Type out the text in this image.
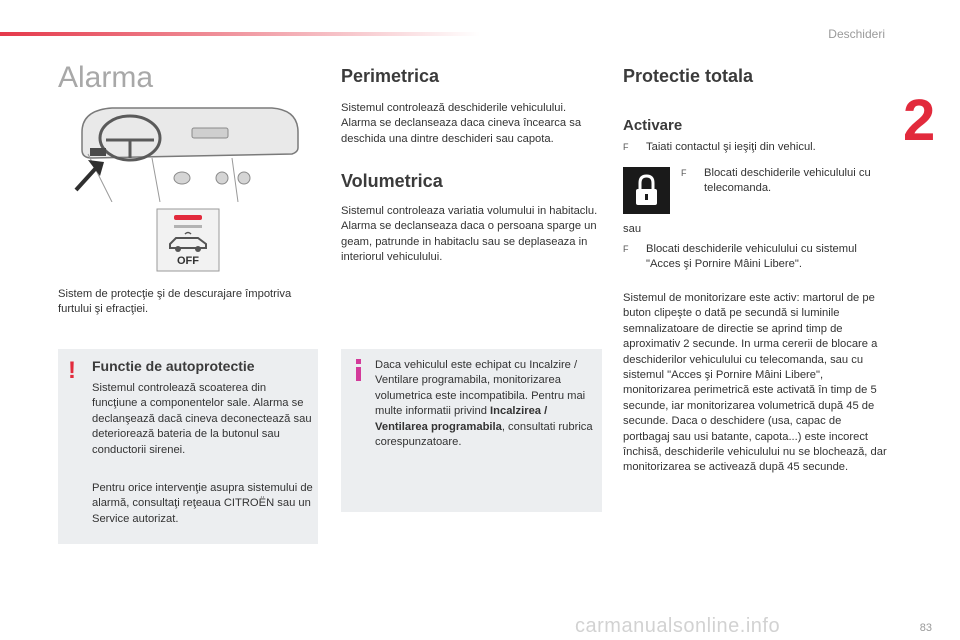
Deschideri
2
Alarma
OFF

Sistem de protecţie şi de descurajare împotriva furtului şi efracţiei.

! Functie de autoprotectie

Sistemul controlează scoaterea din funcţiune a componentelor sale. Alarma se declanşează dacă cineva deconectează sau deteriorează bateria de la butonul sau conductorii sirenei.

Pentru orice intervenţie asupra sistemului de alarmă, consultaţi reţeaua CITROËN sau un Service autorizat.

Perimetrica

Sistemul controlează deschiderile vehiculului. Alarma se declanseaza daca cineva încearca sa deschida una dintre deschideri sau capota.

Volumetrica

Sistemul controleaza variatia volumului in habitaclu. Alarma se declanseaza daca o persoana sparge un geam, patrunde in habitaclu sau se deplaseaza in interiorul vehiculului.

Daca vehiculul este echipat cu Incalzire / Ventilare programabila, monitorizarea volumetrica este incompatibila. Pentru mai multe informatii privind Incalzirea / Ventilarea programabila, consultati rubrica corespunzatoare.

Protectie totala
Activare
F Taiati contactul şi ieşiţi din vehicul.
F Blocati deschiderile vehiculului cu telecomanda.

sau

F Blocati deschiderile vehiculului cu sistemul "Acces şi Pornire Mâini Libere".

Sistemul de monitorizare este activ: martorul de pe buton clipeşte o dată pe secundă si luminile semnalizatoare de directie se aprind timp de aproximativ 2 secunde. In urma cererii de blocare a deschiderilor vehiculului cu telecomanda, sau cu sistemul "Acces şi Pornire Mâini Libere", monitorizarea perimetrică este activată în timp de 5 secunde, iar monitorizarea volumetrică după 45 de secunde. Daca o deschidere (usa, capac de portbagaj sau usi batante, capota...) este incorect închisă, deschiderile vehiculului nu se blochează, dar monitorizarea se activează după 45 secunde.

carmanualsonline.info	83
